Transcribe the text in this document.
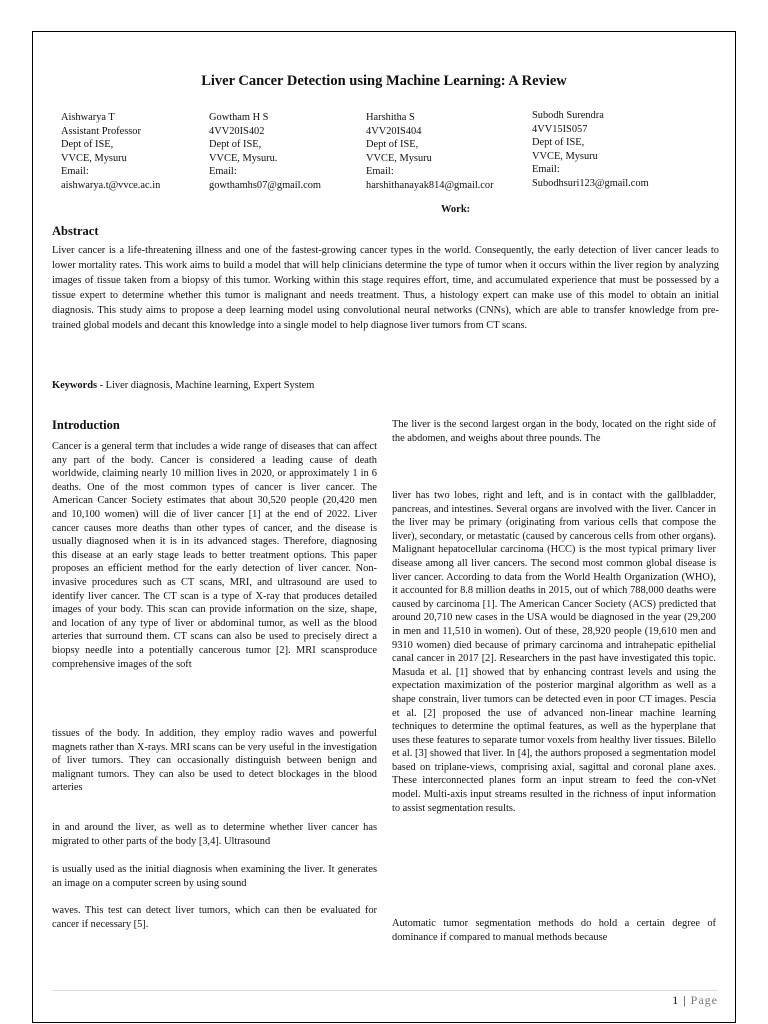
Liver Cancer Detection using Machine Learning: A Review
Aishwarya T
Assistant Professor
Dept of ISE,
VVCE, Mysuru
Email:
aishwarya.t@vvce.ac.in
Gowtham H S
4VV20IS402
Dept of ISE,
VVCE, Mysuru.
Email:
gowthamhs07@gmail.com
Harshitha S
4VV20IS404
Dept of ISE,
VVCE, Mysuru
Email:
harshithanayak814@gmail.cor
Subodh Surendra
4VV15IS057
Dept of ISE,
VVCE, Mysuru
Email:
Subodhsuri123@gmail.com
Work:
Abstract

Liver cancer is a life-threatening illness and one of the fastest-growing cancer types in the world. Consequently, the early detection of liver cancer leads to lower mortality rates. This work aims to build a model that will help clinicians determine the type of tumor when it occurs within the liver region by analyzing images of tissue taken from a biopsy of this tumor. Working within this stage requires effort, time, and accumulated experience that must be possessed by a tissue expert to determine whether this tumor is malignant and needs treatment. Thus, a histology expert can make use of this model to obtain an initial diagnosis. This study aims to propose a deep learning model using convolutional neural networks (CNNs), which are able to transfer knowledge from pre-trained global models and decant this knowledge into a single model to help diagnose liver tumors from CT scans.

Keywords - Liver diagnosis, Machine learning, Expert System
Introduction

Cancer is a general term that includes a wide range of diseases that can affect any part of the body. Cancer is considered a leading cause of death worldwide, claiming nearly 10 million lives in 2020, or approximately 1 in 6 deaths. One of the most common types of cancer is liver cancer. The American Cancer Society estimates that about 30,520 people (20,420 men and 10,100 women) will die of liver cancer [1] at the end of 2022. Liver cancer causes more deaths than other types of cancer, and the disease is usually diagnosed when it is in its advanced stages. Therefore, diagnosing this disease at an early stage leads to better treatment options. This paper proposes an efficient method for the early detection of liver cancer. Non-invasive procedures such as CT scans, MRI, and ultrasound are used to identify liver cancer. The CT scan is a type of X-ray that produces detailed images of your body. This scan can provide information on the size, shape, and location of any type of liver or abdominal tumor, as well as the blood arteries that surround them. CT scans can also be used to precisely direct a biopsy needle into a potentially cancerous tumor [2]. MRI scansproduce comprehensive images of the soft

tissues of the body. In addition, they employ radio waves and powerful magnets rather than X-rays. MRI scans can be very useful in the investigation of liver tumors. They can occasionally distinguish between benign and malignant tumors. They can also be used to detect blockages in the blood arteries

in and around the liver, as well as to determine whether liver cancer has migrated to other parts of the body [3,4]. Ultrasound

is usually used as the initial diagnosis when examining the liver. It generates an image on a computer screen by using sound

waves. This test can detect liver tumors, which can then be evaluated for cancer if necessary [5].

The liver is the second largest organ in the body, located on the right side of the abdomen, and weighs about three pounds. The

liver has two lobes, right and left, and is in contact with the gallbladder, pancreas, and intestines. Several organs are involved with the liver. Cancer in the liver may be primary (originating from various cells that compose the liver), secondary, or metastatic (caused by cancerous cells from other organs). Malignant hepatocellular carcinoma (HCC) is the most typical primary liver disease among all liver cancers. The second most common global disease is liver cancer. According to data from the World Health Organization (WHO), it accounted for 8.8 million deaths in 2015, out of which 788,000 deaths were caused by carcinoma [1]. The American Cancer Society (ACS) predicted that around 20,710 new cases in the USA would be diagnosed in the year (29,200 in men and 11,510 in women). Out of these, 28,920 people (19,610 men and 9310 women) died because of primary carcinoma and intrahepatic epithelial canal cancer in 2017 [2]. Researchers in the past have investigated this topic. Masuda et al. [1] showed that by enhancing contrast levels and using the expectation maximization of the posterior marginal algorithm as well as a shape constrain, liver tumors can be detected even in poor CT images. Pescia et al. [2] proposed the use of advanced non-linear machine learning techniques to determine the optimal features, as well as the hyperplane that uses these features to separate tumor voxels from healthy liver tissues. Bilello et al. [3] showed that liver. In [4], the authors proposed a segmentation model based on triplane-views, comprising axial, sagittal and coronal plane axes. These interconnected planes form an input stream to feed the con-vNet model. Multi-axis input streams resulted in the richness of input information to assist segmentation results.

Automatic tumor segmentation methods do hold a certain degree of dominance if compared to manual methods because

1 | Page
